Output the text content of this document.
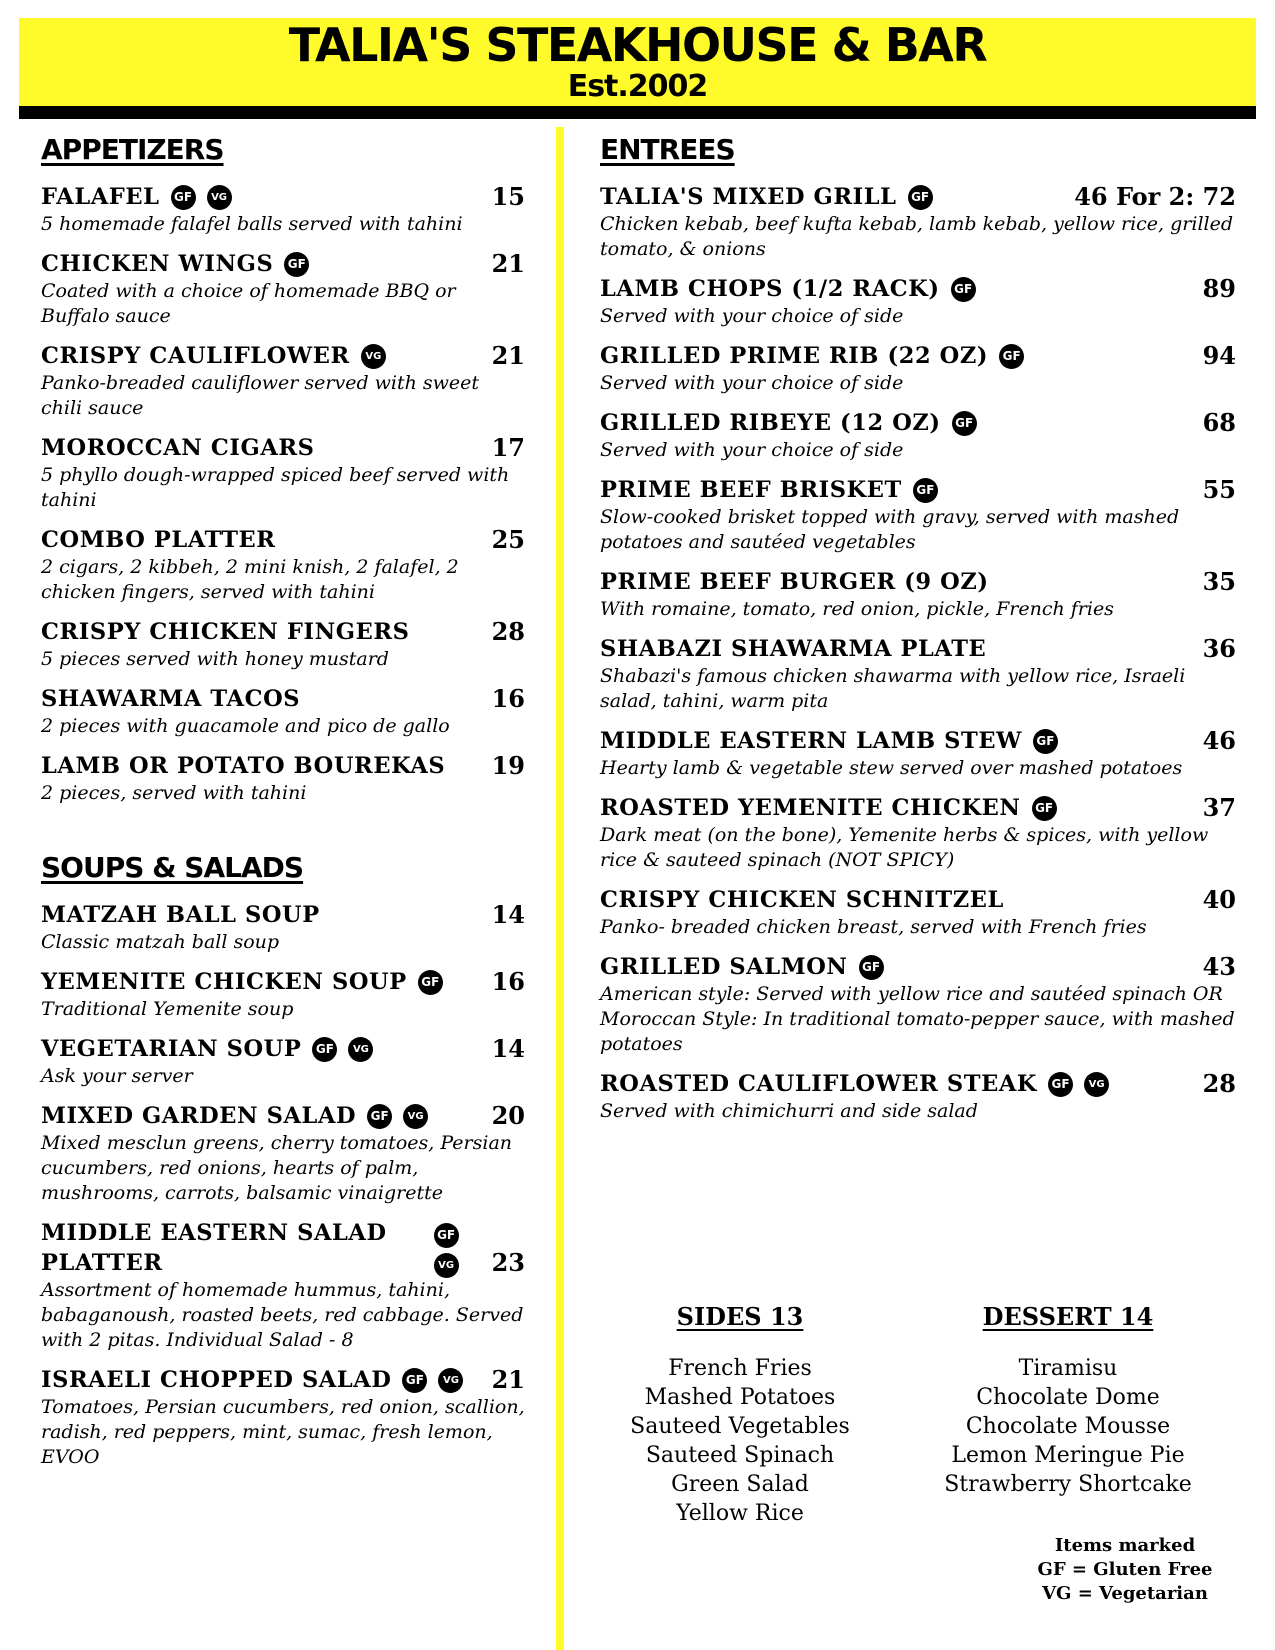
TALIA'S STEAKHOUSE & BAR
Est.2002
APPETIZERS
FALAFEL GF	VG	15
5 homemade falafel balls served with tahini
CHICKEN WINGS GF	21
Coated with a choice of homemade BBQ or Buffalo sauce
CRISPY CAULIFLOWER	VG	21
Panko-breaded cauliflower served with sweet chili sauce
MOROCCAN CIGARS	17
5 phyllo dough-wrapped spiced beef served with tahini
COMBO PLATTER	25
2 cigars, 2 kibbeh, 2 mini knish, 2 falafel, 2 chicken fingers, served with tahini
CRISPY CHICKEN FINGERS	28
5 pieces served with honey mustard
SHAWARMA TACOS	16
2 pieces with guacamole and pico de gallo
LAMB OR POTATO BOUREKAS 19
2 pieces, served with tahini
SOUPS & SALADS
MATZAH BALL SOUP	14
Classic matzah ball soup
YEMENITE CHICKEN SOUP GF 16
Traditional Yemenite soup
VEGETARIAN SOUP GF	VG	14
Ask your server
MIXED GARDEN SALAD GF	VG	20
Mixed mesclun greens, cherry tomatoes, Persian cucumbers, red onions, hearts of palm, mushrooms, carrots, balsamic vinaigrette
MIDDLE EASTERN SALAD
PLATTER
GF
VG 23
Assortment of homemade hummus, tahini, babaganoush, roasted beets, red cabbage. Served with 2 pitas. Individual Salad - 8
ISRAELI CHOPPED SALAD GF	VG 21
Tomatoes, Persian cucumbers, red onion, scallion, radish, red peppers, mint, sumac, fresh lemon, EVOO
ENTREES
TALIA'S MIXED GRILL GF	46 For 2: 72
Chicken kebab, beef kufta kebab, lamb kebab, yellow rice, grilled tomato, & onions
LAMB CHOPS (1/2 RACK) GF	89
Served with your choice of side
GRILLED PRIME RIB (22 OZ) GF	94
Served with your choice of side
GRILLED RIBEYE (12 OZ) GF	68
Served with your choice of side
PRIME BEEF BRISKET GF	55
Slow-cooked brisket topped with gravy, served with mashed potatoes and sautéed vegetables
PRIME BEEF BURGER (9 OZ)	35
With romaine, tomato, red onion, pickle, French fries
SHABAZI SHAWARMA PLATE	36
Shabazi's famous chicken shawarma with yellow rice, Israeli salad, tahini, warm pita
MIDDLE EASTERN LAMB STEW GF	46
Hearty lamb & vegetable stew served over mashed potatoes
ROASTED YEMENITE CHICKEN GF	37
Dark meat (on the bone), Yemenite herbs & spices, with yellow rice & sauteed spinach (NOT SPICY)
CRISPY CHICKEN SCHNITZEL	40
Panko- breaded chicken breast, served with French fries
GRILLED SALMON GF	43
American style: Served with yellow rice and sautéed spinach OR Moroccan Style: In traditional tomato-pepper sauce, with mashed potatoes
ROASTED CAULIFLOWER STEAK GF	VG	28
Served with chimichurri and side salad
SIDES 13
French Fries
Mashed Potatoes
Sauteed Vegetables
Sauteed Spinach
Green Salad
Yellow Rice
DESSERT 14
Tiramisu
Chocolate Dome
Chocolate Mousse
Lemon Meringue Pie
Strawberry Shortcake
Items marked
GF = Gluten Free
VG = Vegetarian
